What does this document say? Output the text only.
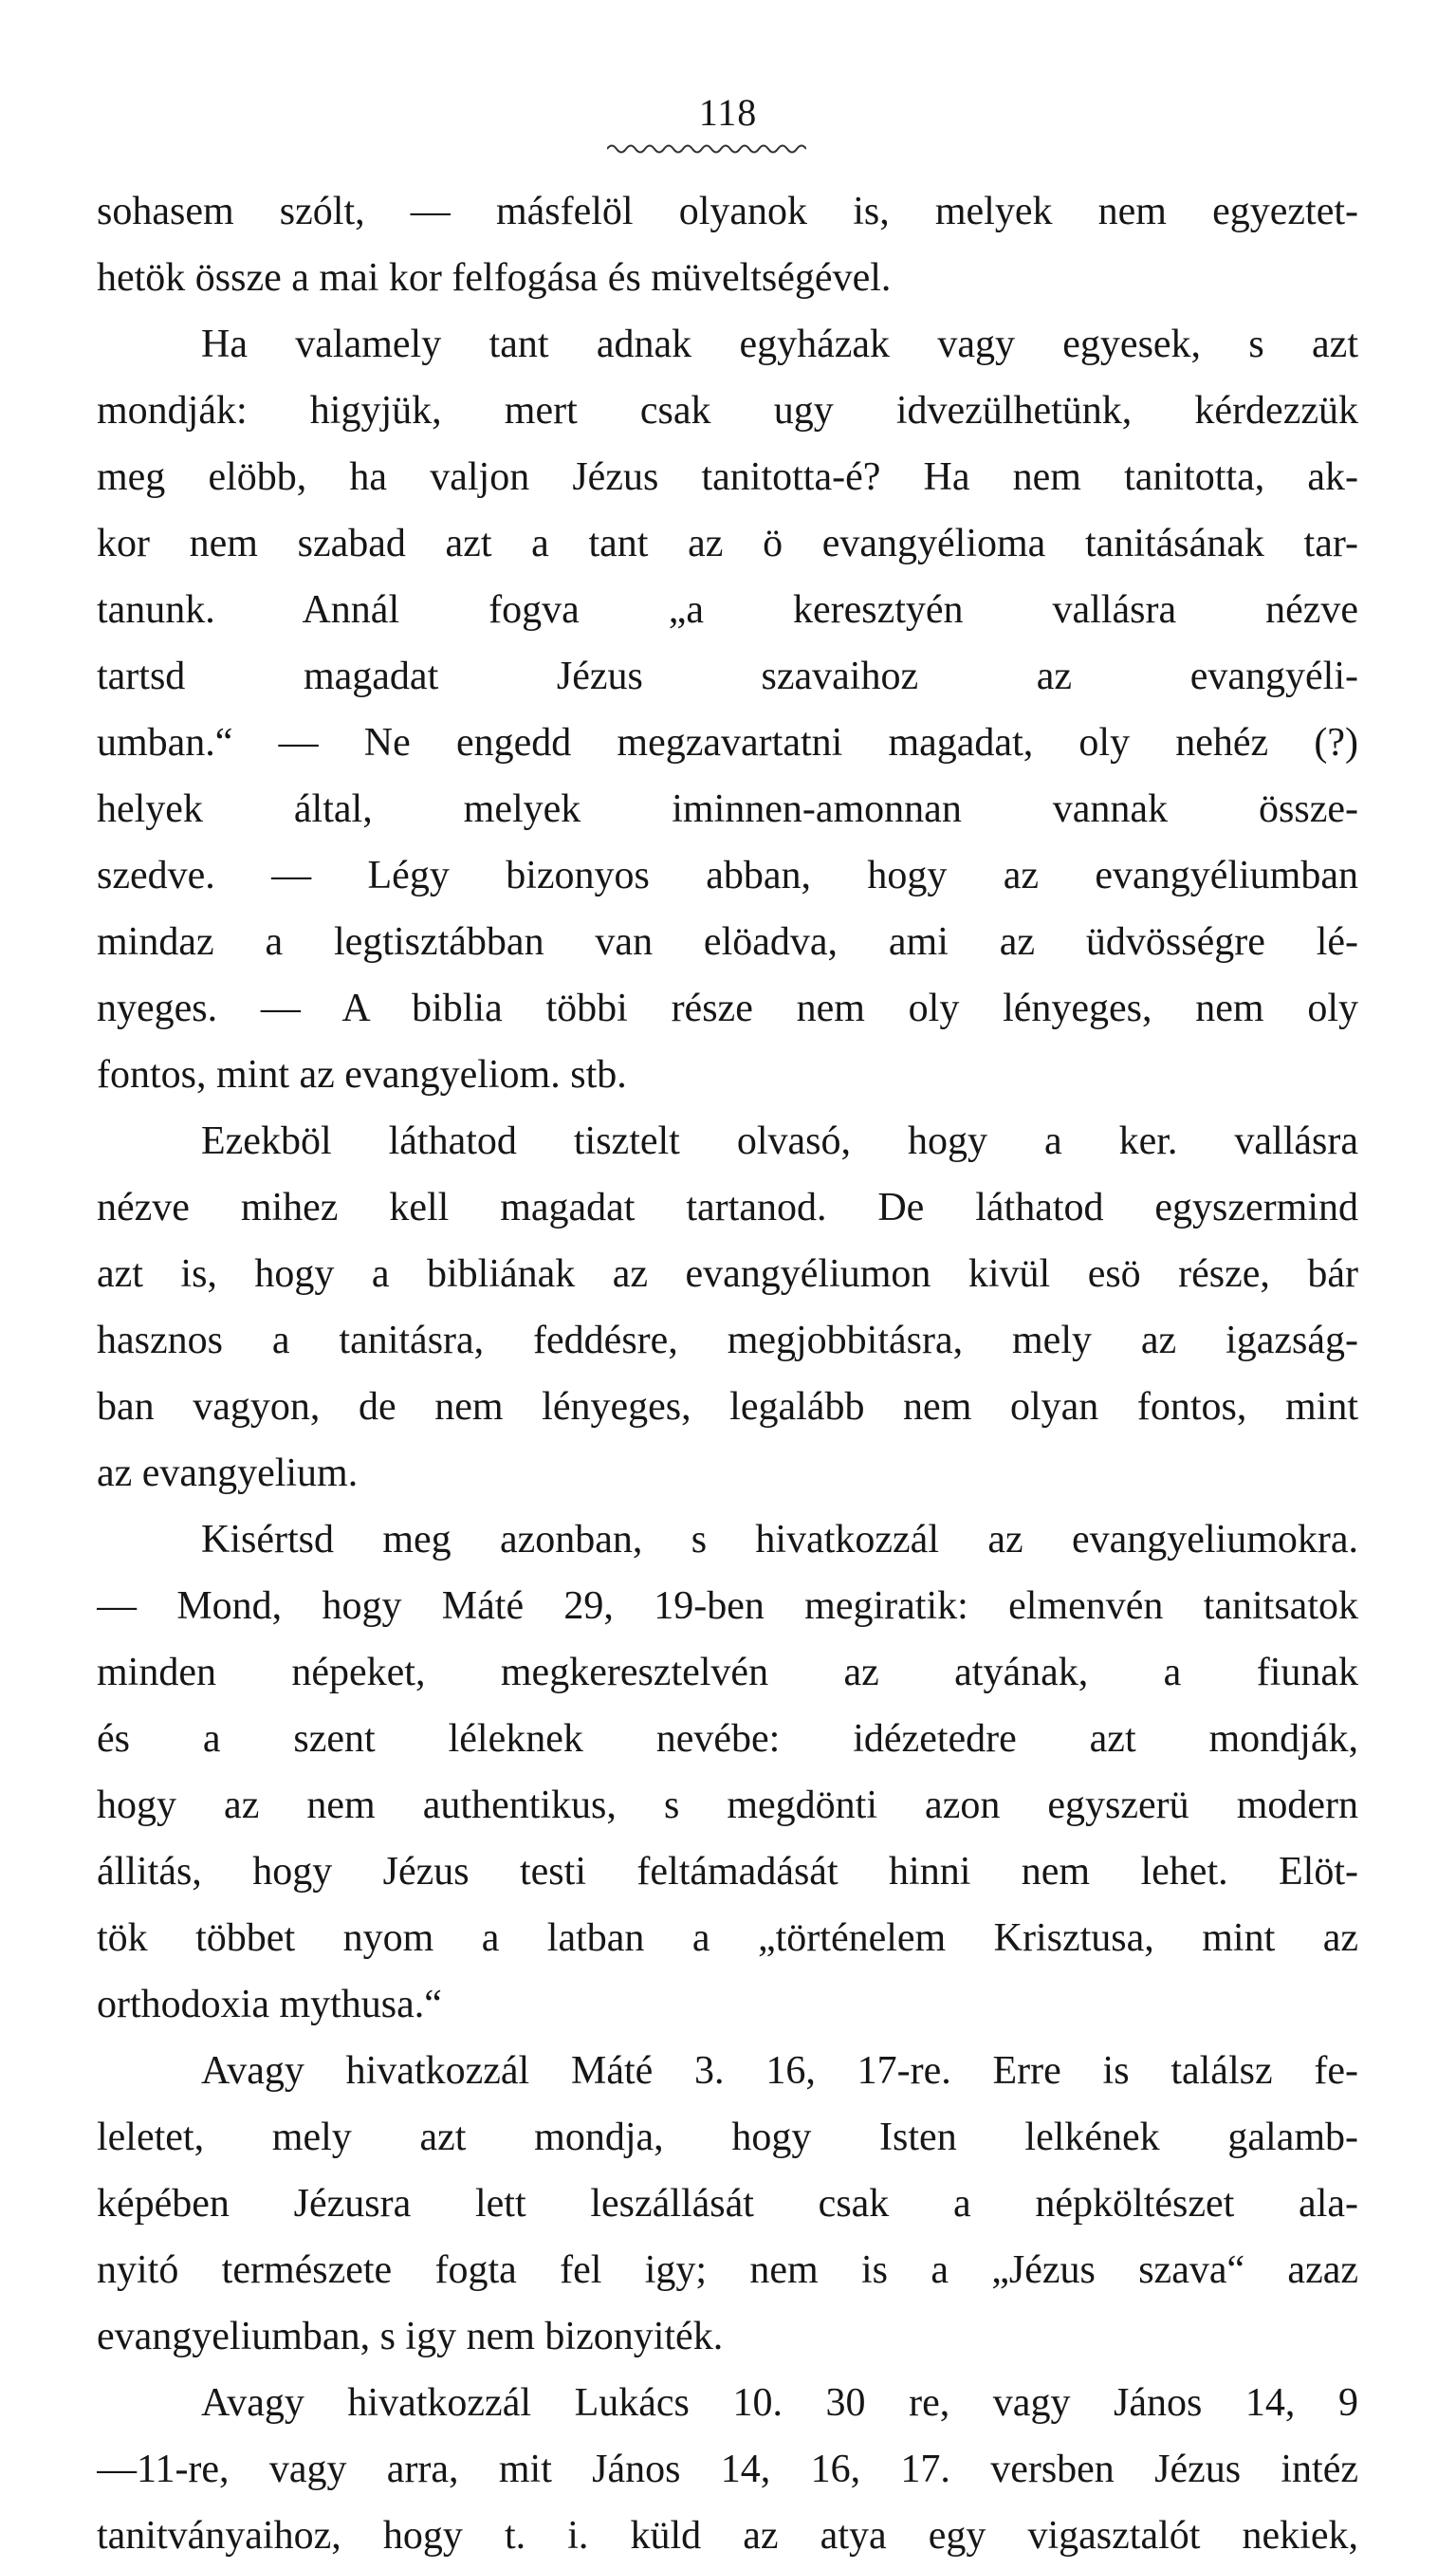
118
sohasem szólt, — másfelöl olyanok is, melyek nem egyeztet-
hetök össze a mai kor felfogása és müveltségével.
Ha valamely tant adnak egyházak vagy egyesek, s azt
mondják: higyjük, mert csak ugy idvezülhetünk, kérdezzük
meg elöbb, ha valjon Jézus tanitotta-é? Ha nem tanitotta, ak-
kor nem szabad azt a tant az ö evangyélioma tanitásának tar-
tanunk. Annál fogva „a keresztyén vallásra nézve
tartsd magadat Jézus szavaihoz az evangyéli-
umban.“ — Ne engedd megzavartatni magadat, oly nehéz (?)
helyek által, melyek iminnen-amonnan vannak össze-
szedve. — Légy bizonyos abban, hogy az evangyéliumban
mindaz a legtisztábban van elöadva, ami az üdvösségre lé-
nyeges. — A biblia többi része nem oly lényeges, nem oly
fontos, mint az evangyeliom. stb.
Ezekböl láthatod tisztelt olvasó, hogy a ker. vallásra
nézve mihez kell magadat tartanod. De láthatod egyszermind
azt is, hogy a bibliának az evangyéliumon kivül esö része, bár
hasznos a tanitásra, feddésre, megjobbitásra, mely az igazság-
ban vagyon, de nem lényeges, legalább nem olyan fontos, mint
az evangyelium.
Kisértsd meg azonban, s hivatkozzál az evangyeliumokra.
— Mond, hogy Máté 29, 19-ben megiratik: elmenvén tanitsatok
minden népeket, megkeresztelvén az atyának, a fiunak
és a szent léleknek nevébe: idézetedre azt mondják,
hogy az nem authentikus, s megdönti azon egyszerü modern
állitás, hogy Jézus testi feltámadását hinni nem lehet. Elöt-
tök többet nyom a latban a „történelem Krisztusa, mint az
orthodoxia mythusa.“
Avagy hivatkozzál Máté 3. 16, 17-re. Erre is találsz fe-
leletet, mely azt mondja, hogy Isten lelkének galamb-
képében Jézusra lett leszállását csak a népköltészet ala-
nyitó természete fogta fel igy; nem is a „Jézus szava“ azaz
evangyeliumban, s igy nem bizonyiték.
Avagy hivatkozzál Lukács 10. 30 re, vagy János 14, 9
—11-re, vagy arra, mit János 14, 16, 17. versben Jézus intéz
tanitványaihoz, hogy t. i. küld az atya egy vigasztalót nekiek,
